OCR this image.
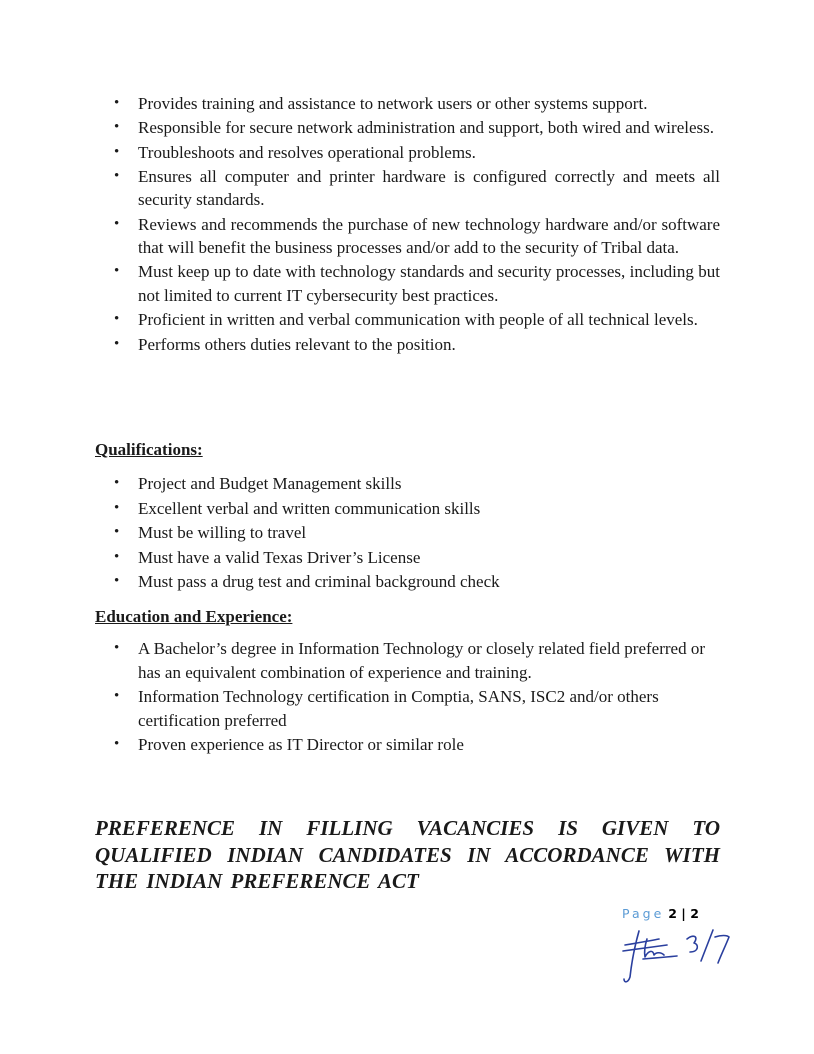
• Provides training and assistance to network users or other systems support.
• Responsible for secure network administration and support, both wired and wireless.
• Troubleshoots and resolves operational problems.
• Ensures all computer and printer hardware is configured correctly and meets all security standards.
• Reviews and recommends the purchase of new technology hardware and/or software that will benefit the business processes and/or add to the security of Tribal data.
• Must keep up to date with technology standards and security processes, including but not limited to current IT cybersecurity best practices.
• Proficient in written and verbal communication with people of all technical levels.
• Performs others duties relevant to the position.
Qualifications:
• Project and Budget Management skills
• Excellent verbal and written communication skills
• Must be willing to travel
• Must have a valid Texas Driver’s License
• Must pass a drug test and criminal background check
Education and Experience:
• A Bachelor’s degree in Information Technology or closely related field preferred or has an equivalent combination of experience and training.
• Information Technology certification in Comptia, SANS, ISC2 and/or others certification preferred
• Proven experience as IT Director or similar role
PREFERENCE IN FILLING VACANCIES IS GIVEN TO QUALIFIED INDIAN CANDIDATES IN ACCORDANCE WITH THE INDIAN PREFERENCE ACT
Page 2 | 2
